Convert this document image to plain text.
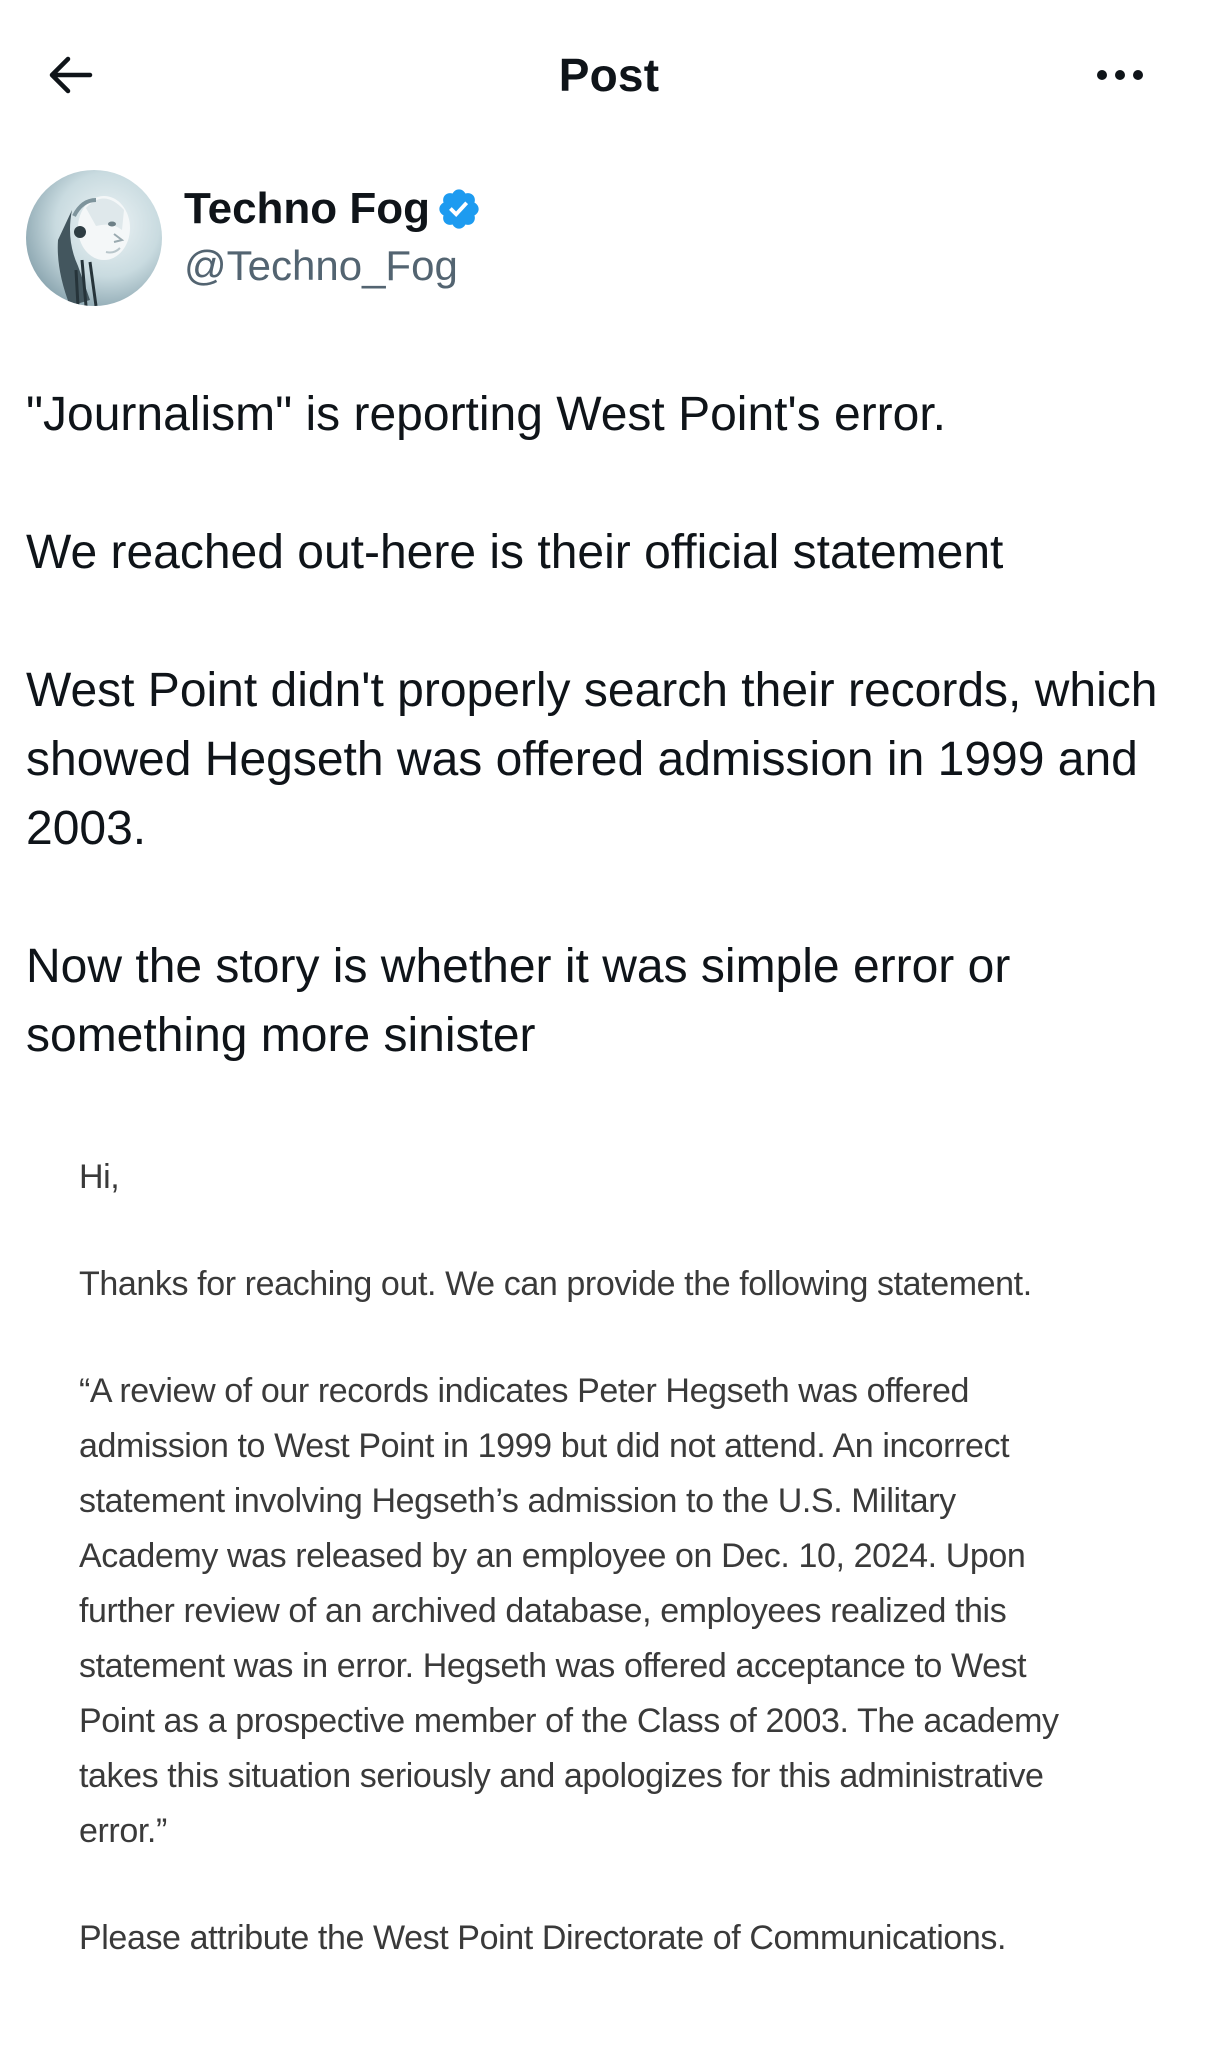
Post
Techno Fog
@Techno_Fog

"Journalism" is reporting West Point's error.

We reached out-here is their official statement

West Point didn't properly search their records, which showed Hegseth was offered admission in 1999 and 2003.

Now the story is whether it was simple error or something more sinister

Hi,

Thanks for reaching out. We can provide the following statement.

“A review of our records indicates Peter Hegseth was offered

admission to West Point in 1999 but did not attend. An incorrect

statement involving Hegseth’s admission to the U.S. Military

Academy was released by an employee on Dec. 10, 2024. Upon

further review of an archived database, employees realized this

statement was in error. Hegseth was offered acceptance to West

Point as a prospective member of the Class of 2003. The academy

takes this situation seriously and apologizes for this administrative

error.”

Please attribute the West Point Directorate of Communications.
